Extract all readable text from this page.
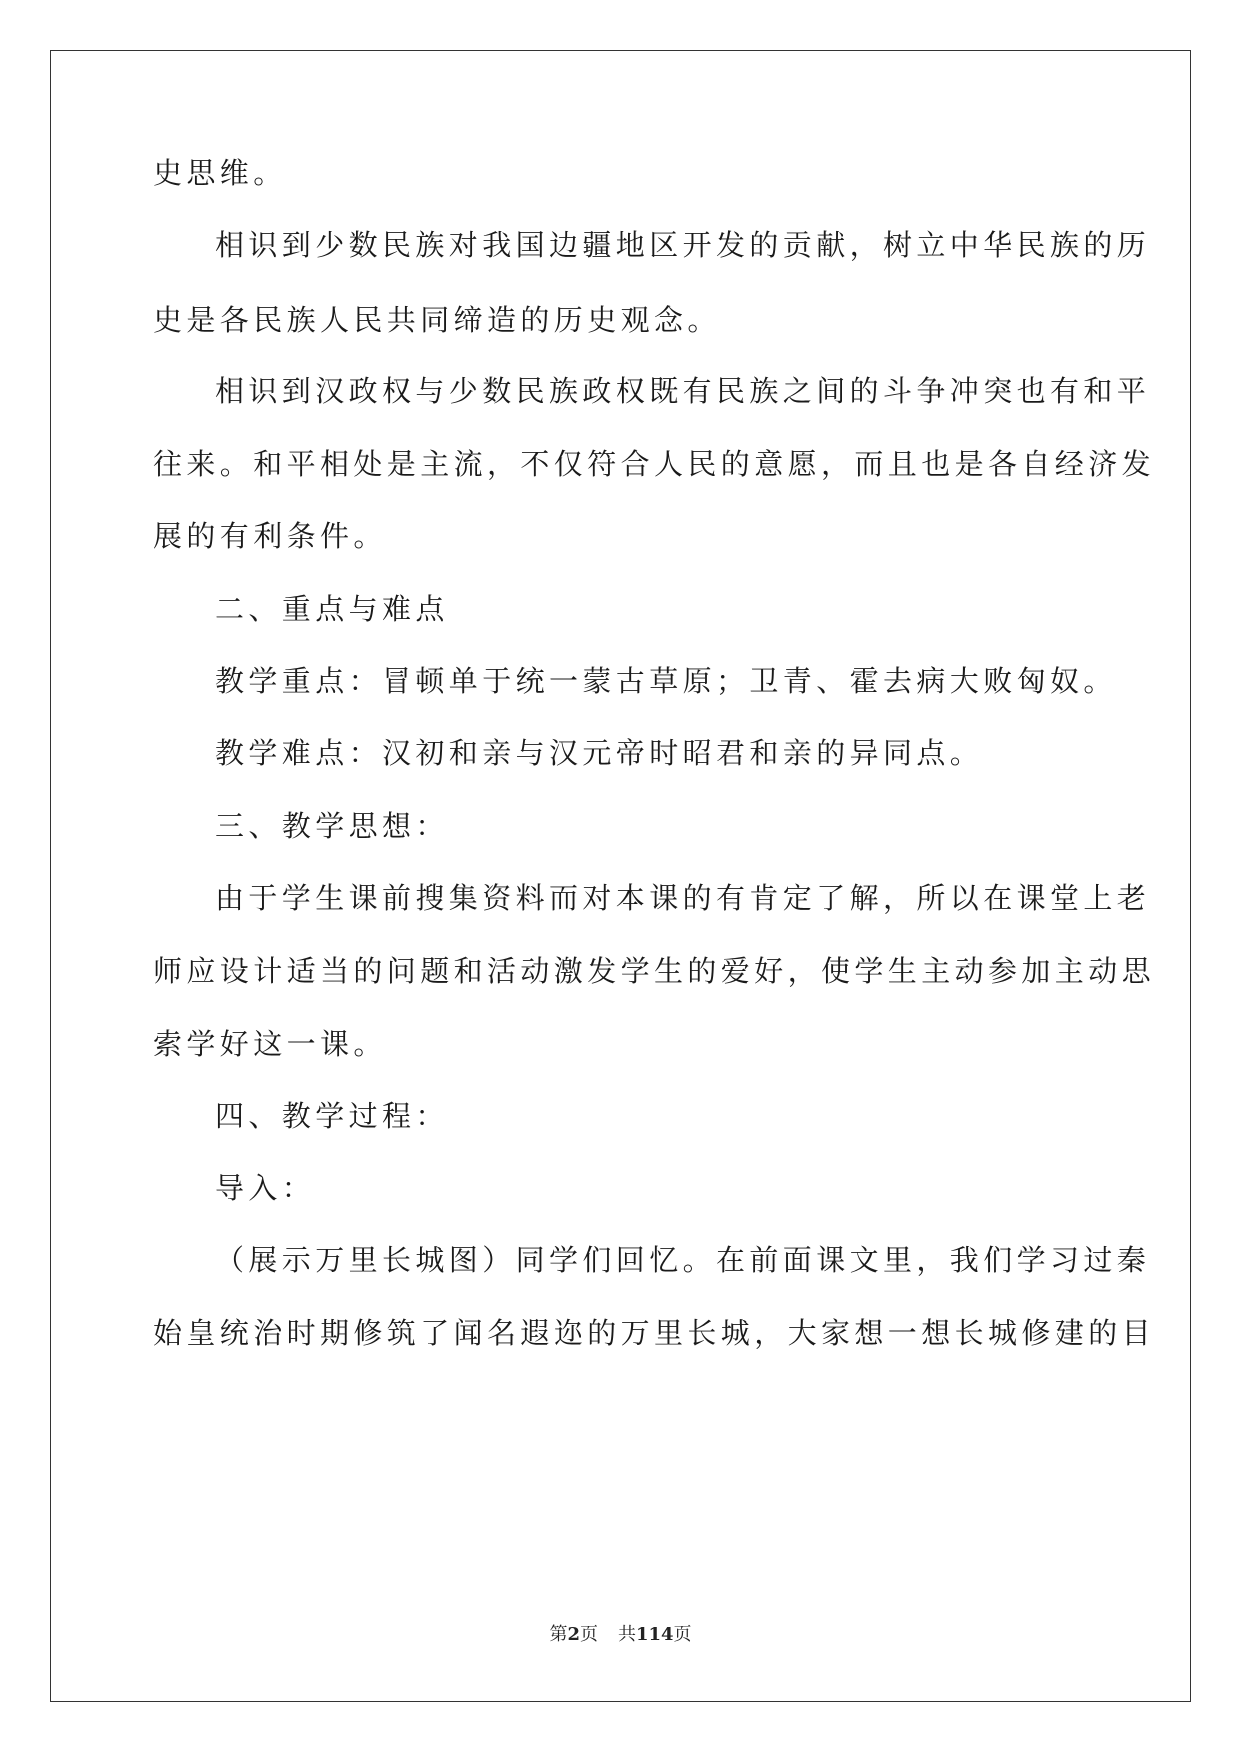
史思维。
相识到少数民族对我国边疆地区开发的贡献，树立中华民族的历
史是各民族人民共同缔造的历史观念。
相识到汉政权与少数民族政权既有民族之间的斗争冲突也有和平
往来。和平相处是主流，不仅符合人民的意愿，而且也是各自经济发
展的有利条件。
二、重点与难点
教学重点：冒顿单于统一蒙古草原；卫青、霍去病大败匈奴。
教学难点：汉初和亲与汉元帝时昭君和亲的异同点。
三、教学思想：
由于学生课前搜集资料而对本课的有肯定了解，所以在课堂上老
师应设计适当的问题和活动激发学生的爱好，使学生主动参加主动思
索学好这一课。
四、教学过程：
导入：
（展示万里长城图）同学们回忆。在前面课文里，我们学习过秦
始皇统治时期修筑了闻名遐迩的万里长城，大家想一想长城修建的目
第2页 共114页
